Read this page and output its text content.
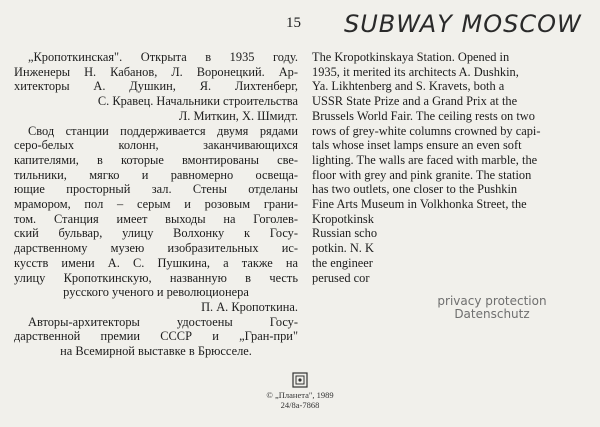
15 SUBWAY MOSCOW
„Кропоткинская". Открыта в 1935 году.
Инженеры Н. Кабанов, Л. Воронецкий. Ар-
хитекторы А. Душкин, Я. Лихтенберг,
С. Кравец. Начальники строительства
Л. Миткин, Х. Шмидт.
Свод станции поддерживается двумя рядами
серо-белых колонн, заканчивающихся
капителями, в которые вмонтированы све-
тильники, мягко и равномерно освеща-
ющие просторный зал. Стены отделаны
мрамором, пол – серым и розовым грани-
том. Станция имеет выходы на Гоголев-
ский бульвар, улицу Волхонку к Госу-
дарственному музею изобразительных ис-
кусств имени А. С. Пушкина, а также на
улицу Кропоткинскую, названную в честь
русского ученого и революционера
П. А. Кропоткина.
Авторы-архитекторы удостоены Госу-
дарственной премии СССР и „Гран-при"
на Всемирной выставке в Брюсселе.
The Kropotkinskaya Station. Opened in
1935, it merited its architects A. Dushkin,
Ya. Likhtenberg and S. Kravets, both a
USSR State Prize and a Grand Prix at the
Brussels World Fair. The ceiling rests on two
rows of grey-white columns crowned by capi-
tals whose inset lamps ensure an even soft
lighting. The walls are faced with marble, the
floor with grey and pink granite. The station
has two outlets, one closer to the Pushkin
Fine Arts Museum in Volkhonka Street, the
Kropotkinsk
Russian scho
potkin. N. K
the engineer
perused cor
privacy protection
Datenschutz
© „Планета", 1989
24/8а-7868
